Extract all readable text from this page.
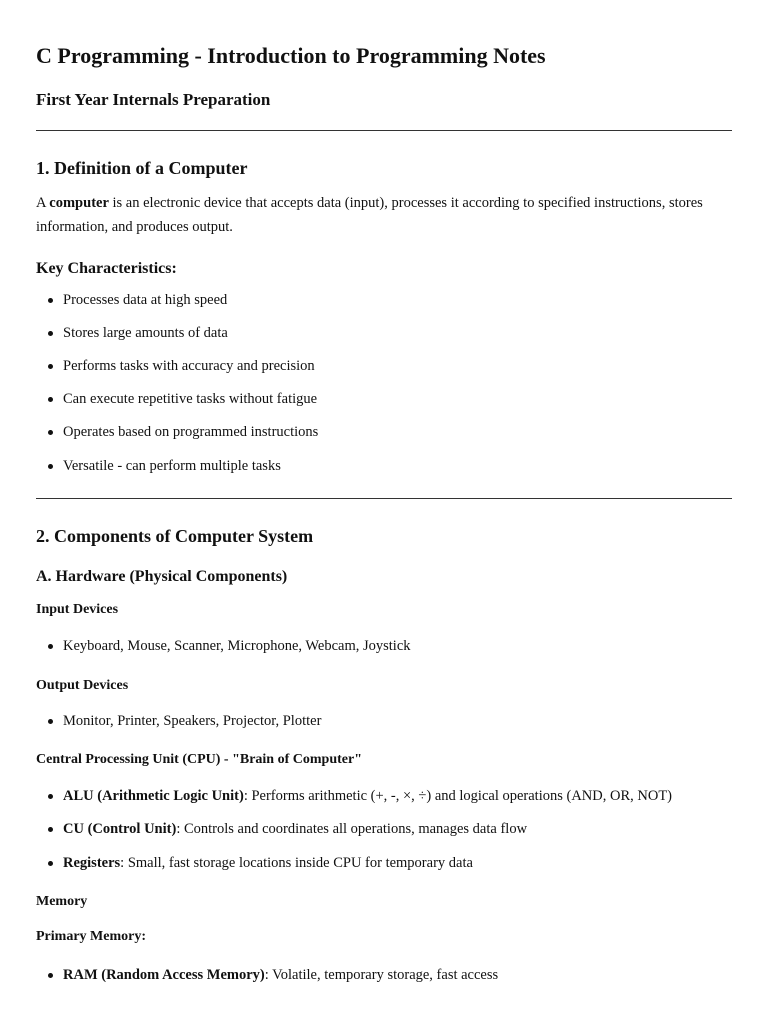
C Programming - Introduction to Programming Notes
First Year Internals Preparation
1. Definition of a Computer

A computer is an electronic device that accepts data (input), processes it according to specified instructions, stores information, and produces output.

Key Characteristics:

Processes data at high speed

Stores large amounts of data

Performs tasks with accuracy and precision

Can execute repetitive tasks without fatigue

Operates based on programmed instructions

Versatile - can perform multiple tasks

2. Components of Computer System
A. Hardware (Physical Components)
Input Devices

Keyboard, Mouse, Scanner, Microphone, Webcam, Joystick

Output Devices

Monitor, Printer, Speakers, Projector, Plotter

Central Processing Unit (CPU) - "Brain of Computer"

ALU (Arithmetic Logic Unit): Performs arithmetic (+, -, ×, ÷) and logical operations (AND, OR, NOT)

CU (Control Unit): Controls and coordinates all operations, manages data flow

Registers: Small, fast storage locations inside CPU for temporary data

Memory
Primary Memory:

RAM (Random Access Memory): Volatile, temporary storage, fast access
